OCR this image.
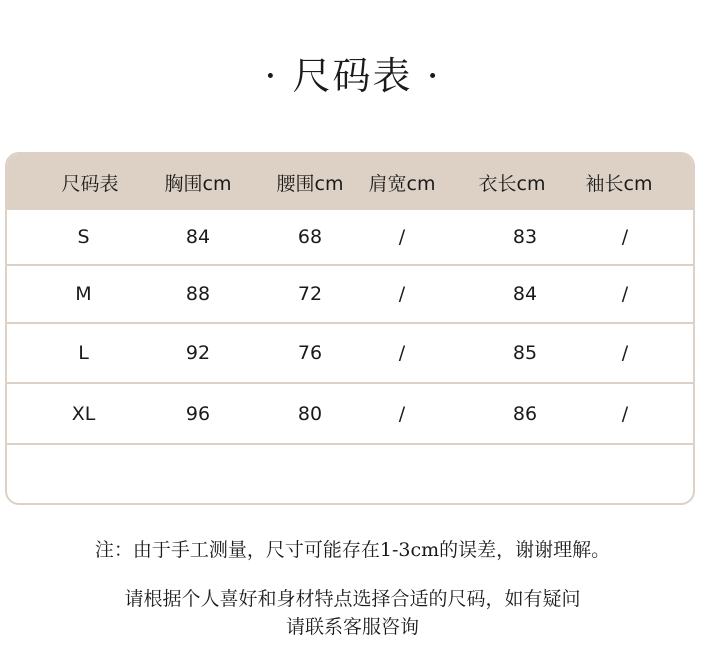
· 尺码表 ·
尺码表	胸围cm	腰围cm	肩宽cm	衣长cm	袖长cm
S	84	68	/	83	/
M	88	72	/	84	/
L	92	76	/	85	/
XL	96	80	/	86	/
注：由于手工测量，尺寸可能存在1-3cm的误差，谢谢理解。
请根据个人喜好和身材特点选择合适的尺码，如有疑问
请联系客服咨询
